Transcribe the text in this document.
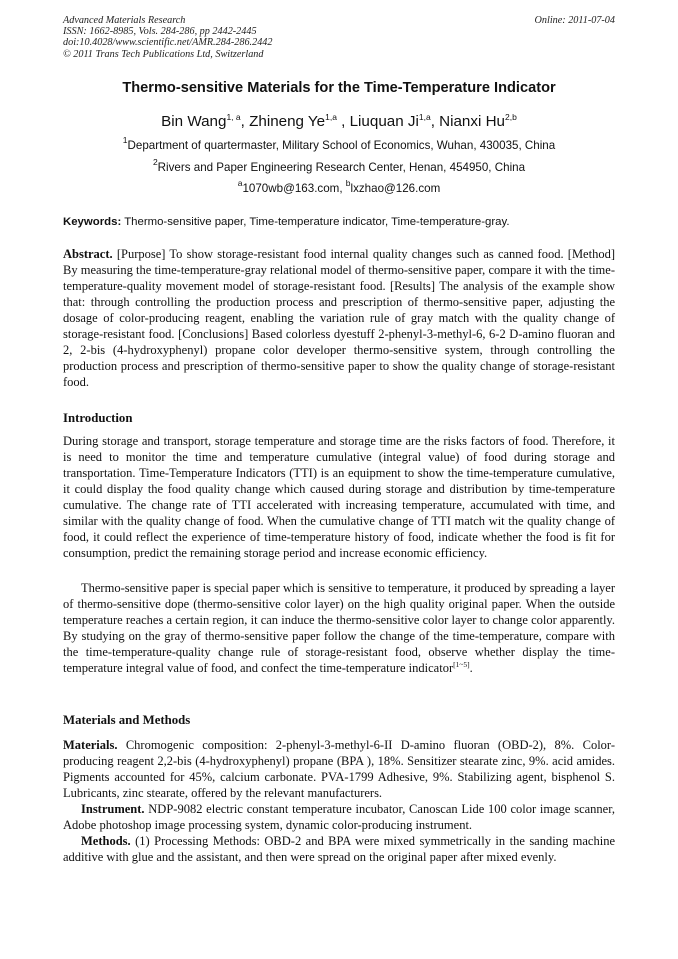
Advanced Materials Research
ISSN: 1662-8985, Vols. 284-286, pp 2442-2445
doi:10.4028/www.scientific.net/AMR.284-286.2442
© 2011 Trans Tech Publications Ltd, Switzerland
Online: 2011-07-04
Thermo-sensitive Materials for the Time-Temperature Indicator
Bin Wang$^{1, a}$, Zhineng Ye$^{1,a}$ , Liuquan Ji$^{1,a}$, Nianxi Hu$^{2,b}$
$^1$Department of quartermaster, Military School of Economics, Wuhan, 430035, China
$^2$Rivers and Paper Engineering Research Center, Henan, 454950, China
$^a$1070wb@163.com, $^b$lxzhao@126.com
Keywords: Thermo-sensitive paper, Time-temperature indicator, Time-temperature-gray.
Abstract. [Purpose] To show storage-resistant food internal quality changes such as canned food. [Method] By measuring the time-temperature-gray relational model of thermo-sensitive paper, compare it with the time-temperature-quality movement model of storage-resistant food. [Results] The analysis of the example show that: through controlling the production process and prescription of thermo-sensitive paper, adjusting the dosage of color-producing reagent, enabling the variation rule of gray match with the quality change of storage-resistant food. [Conclusions] Based colorless dyestuff 2-phenyl-3-methyl-6, 6-2 D-amino fluoran and 2, 2-bis (4-hydroxyphenyl) propane color developer thermo-sensitive system, through controlling the production process and prescription of thermo-sensitive paper to show the quality change of storage-resistant food.
Introduction
During storage and transport, storage temperature and storage time are the risks factors of food. Therefore, it is need to monitor the time and temperature cumulative (integral value) of food during storage and transportation. Time-Temperature Indicators (TTI) is an equipment to show the time-temperature cumulative, it could display the food quality change which caused during storage and distribution by time-temperature cumulative. The change rate of TTI accelerated with increasing temperature, accumulated with time, and similar with the quality change of food. When the cumulative change of TTI match wit the quality change of food, it could reflect the experience of time-temperature history of food, indicate whether the food is fit for consumption, predict the remaining storage period and increase economic efficiency.
Thermo-sensitive paper is special paper which is sensitive to temperature, it produced by spreading a layer of thermo-sensitive dope (thermo-sensitive color layer) on the high quality original paper. When the outside temperature reaches a certain region, it can induce the thermo-sensitive color layer to change color apparently. By studying on the gray of thermo-sensitive paper follow the change of the time-temperature, compare with the time-temperature-quality change rule of storage-resistant food, observe whether display the time-temperature integral value of food, and confect the time-temperature indicator[1~5].
Materials and Methods
Materials. Chromogenic composition: 2-phenyl-3-methyl-6-II D-amino fluoran (OBD-2), 8%. Color-producing reagent 2,2-bis (4-hydroxyphenyl) propane (BPA ), 18%. Sensitizer stearate zinc, 9%. acid amides. Pigments accounted for 45%, calcium carbonate. PVA-1799 Adhesive, 9%. Stabilizing agent, bisphenol S. Lubricants, zinc stearate, offered by the relevant manufacturers.
Instrument. NDP-9082 electric constant temperature incubator, Canoscan Lide 100 color image scanner, Adobe photoshop image processing system, dynamic color-producing instrument.
Methods. (1) Processing Methods: OBD-2 and BPA were mixed symmetrically in the sanding machine additive with glue and the assistant, and then were spread on the original paper after mixed evenly.
